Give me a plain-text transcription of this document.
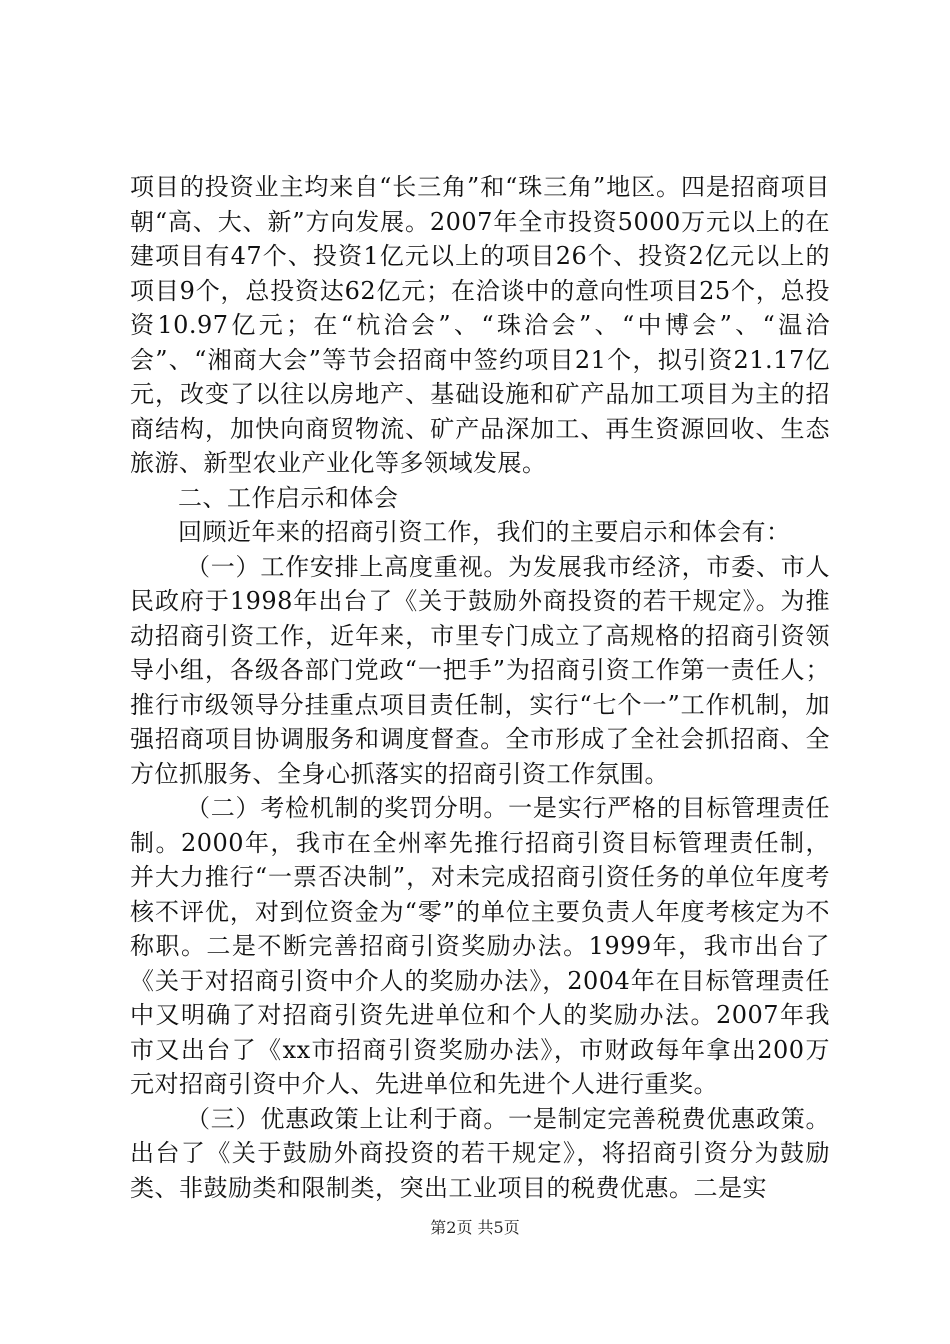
项目的投资业主均来自“长三角”和“珠三角”地区。四是招商项目朝“高、大、新”方向发展。2007年全市投资5000万元以上的在建项目有47个、投资1亿元以上的项目26个、投资2亿元以上的项目9个，总投资达62亿元；在洽谈中的意向性项目25个，总投资10.97亿元；在“杭洽会”、“珠洽会”、“中博会”、“温洽会”、“湘商大会”等节会招商中签约项目21个，拟引资21.17亿元，改变了以往以房地产、基础设施和矿产品加工项目为主的招商结构，加快向商贸物流、矿产品深加工、再生资源回收、生态旅游、新型农业产业化等多领域发展。

二、工作启示和体会

回顾近年来的招商引资工作，我们的主要启示和体会有：

（一）工作安排上高度重视。为发展我市经济，市委、市人民政府于1998年出台了《关于鼓励外商投资的若干规定》。为推动招商引资工作，近年来，市里专门成立了高规格的招商引资领导小组，各级各部门党政“一把手”为招商引资工作第一责任人；推行市级领导分挂重点项目责任制，实行“七个一”工作机制，加强招商项目协调服务和调度督查。全市形成了全社会抓招商、全方位抓服务、全身心抓落实的招商引资工作氛围。

（二）考检机制的奖罚分明。一是实行严格的目标管理责任制。2000年，我市在全州率先推行招商引资目标管理责任制，并大力推行“一票否决制”，对未完成招商引资任务的单位年度考核不评优，对到位资金为“零”的单位主要负责人年度考核定为不称职。二是不断完善招商引资奖励办法。1999年，我市出台了《关于对招商引资中介人的奖励办法》，2004年在目标管理责任中又明确了对招商引资先进单位和个人的奖励办法。2007年我市又出台了《xx市招商引资奖励办法》，市财政每年拿出200万元对招商引资中介人、先进单位和先进个人进行重奖。

（三）优惠政策上让利于商。一是制定完善税费优惠政策。出台了《关于鼓励外商投资的若干规定》，将招商引资分为鼓励类、非鼓励类和限制类，突出工业项目的税费优惠。二是实

第2页 共5页
